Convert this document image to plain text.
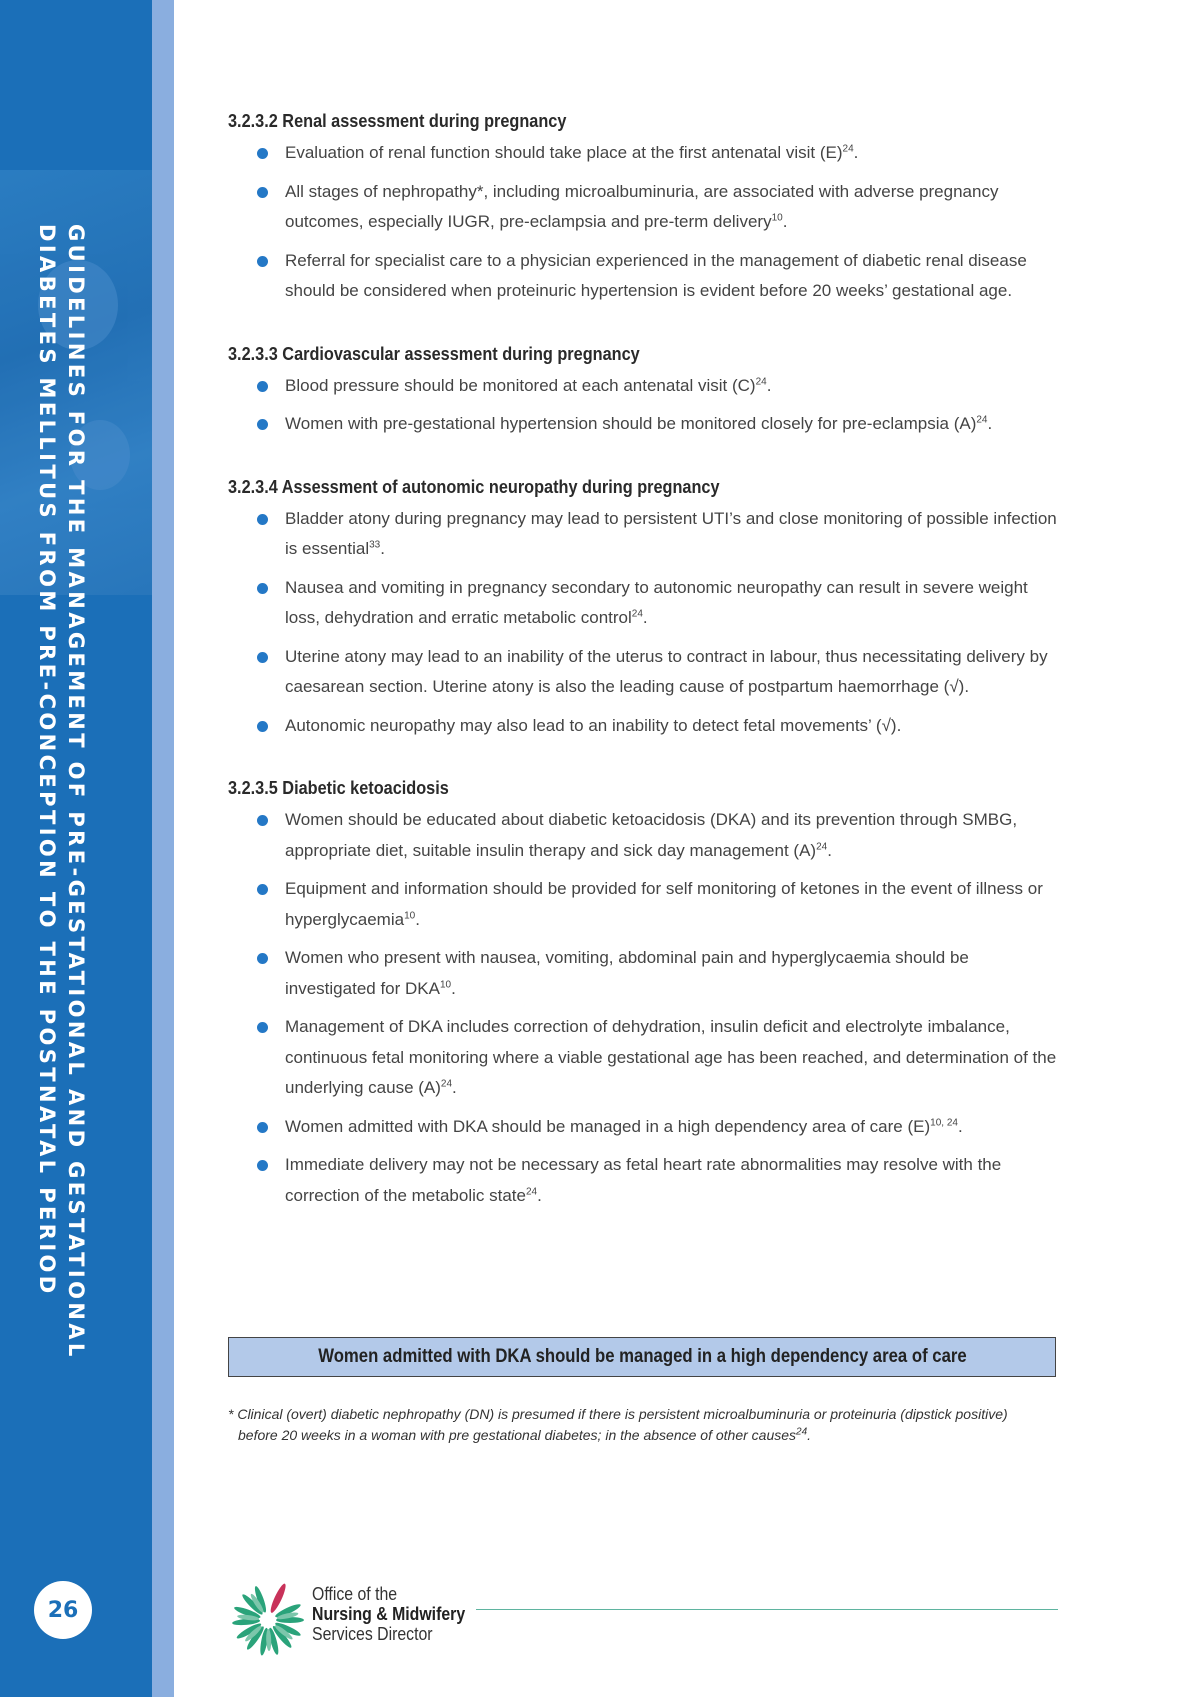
GUIDELINES FOR THE MANAGEMENT OF PRE-GESTATIONAL AND GESTATIONAL
DIABETES MELLITUS FROM PRE-CONCEPTION TO THE POSTNATAL PERIOD
26
3.2.3.2 Renal assessment during pregnancy
Evaluation of renal function should take place at the first antenatal visit $(E)^{24}$.
All stages of nephropathy*, including microalbuminuria, are associated with adverse pregnancy outcomes, especially IUGR, pre-eclampsia and pre-term delivery$^{10}$.
Referral for specialist care to a physician experienced in the management of diabetic renal disease should be considered when proteinuric hypertension is evident before 20 weeks’ gestational age.
3.2.3.3 Cardiovascular assessment during pregnancy
Blood pressure should be monitored at each antenatal visit $(C)^{24}$.
Women with pre-gestational hypertension should be monitored closely for pre-eclampsia $(A)^{24}$.
3.2.3.4 Assessment of autonomic neuropathy during pregnancy
Bladder atony during pregnancy may lead to persistent UTI’s and close monitoring of possible infection is essential$^{33}$.
Nausea and vomiting in pregnancy secondary to autonomic neuropathy can result in severe weight loss, dehydration and erratic metabolic control$^{24}$.
Uterine atony may lead to an inability of the uterus to contract in labour, thus necessitating delivery by caesarean section. Uterine atony is also the leading cause of postpartum haemorrhage (√).
Autonomic neuropathy may also lead to an inability to detect fetal movements’ (√).
3.2.3.5 Diabetic ketoacidosis
Women should be educated about diabetic ketoacidosis (DKA) and its prevention through SMBG, appropriate diet, suitable insulin therapy and sick day management $(A)^{24}$.
Equipment and information should be provided for self monitoring of ketones in the event of illness or hyperglycaemia$^{10}$.
Women who present with nausea, vomiting, abdominal pain and hyperglycaemia should be investigated for DKA$^{10}$.
Management of DKA includes correction of dehydration, insulin deficit and electrolyte imbalance, continuous fetal monitoring where a viable gestational age has been reached, and determination of the underlying cause $(A)^{24}$.
Women admitted with DKA should be managed in a high dependency area of care $(E)^{10, 24}$.
Immediate delivery may not be necessary as fetal heart rate abnormalities may resolve with the correction of the metabolic state$^{24}$.
Women admitted with DKA should be managed in a high dependency area of care
* Clinical (overt) diabetic nephropathy (DN) is presumed if there is persistent microalbuminuria or proteinuria (dipstick positive)
before 20 weeks in a woman with pre gestational diabetes; in the absence of other causes$^{24}$.
Office of the
Nursing & Midwifery
Services Director
